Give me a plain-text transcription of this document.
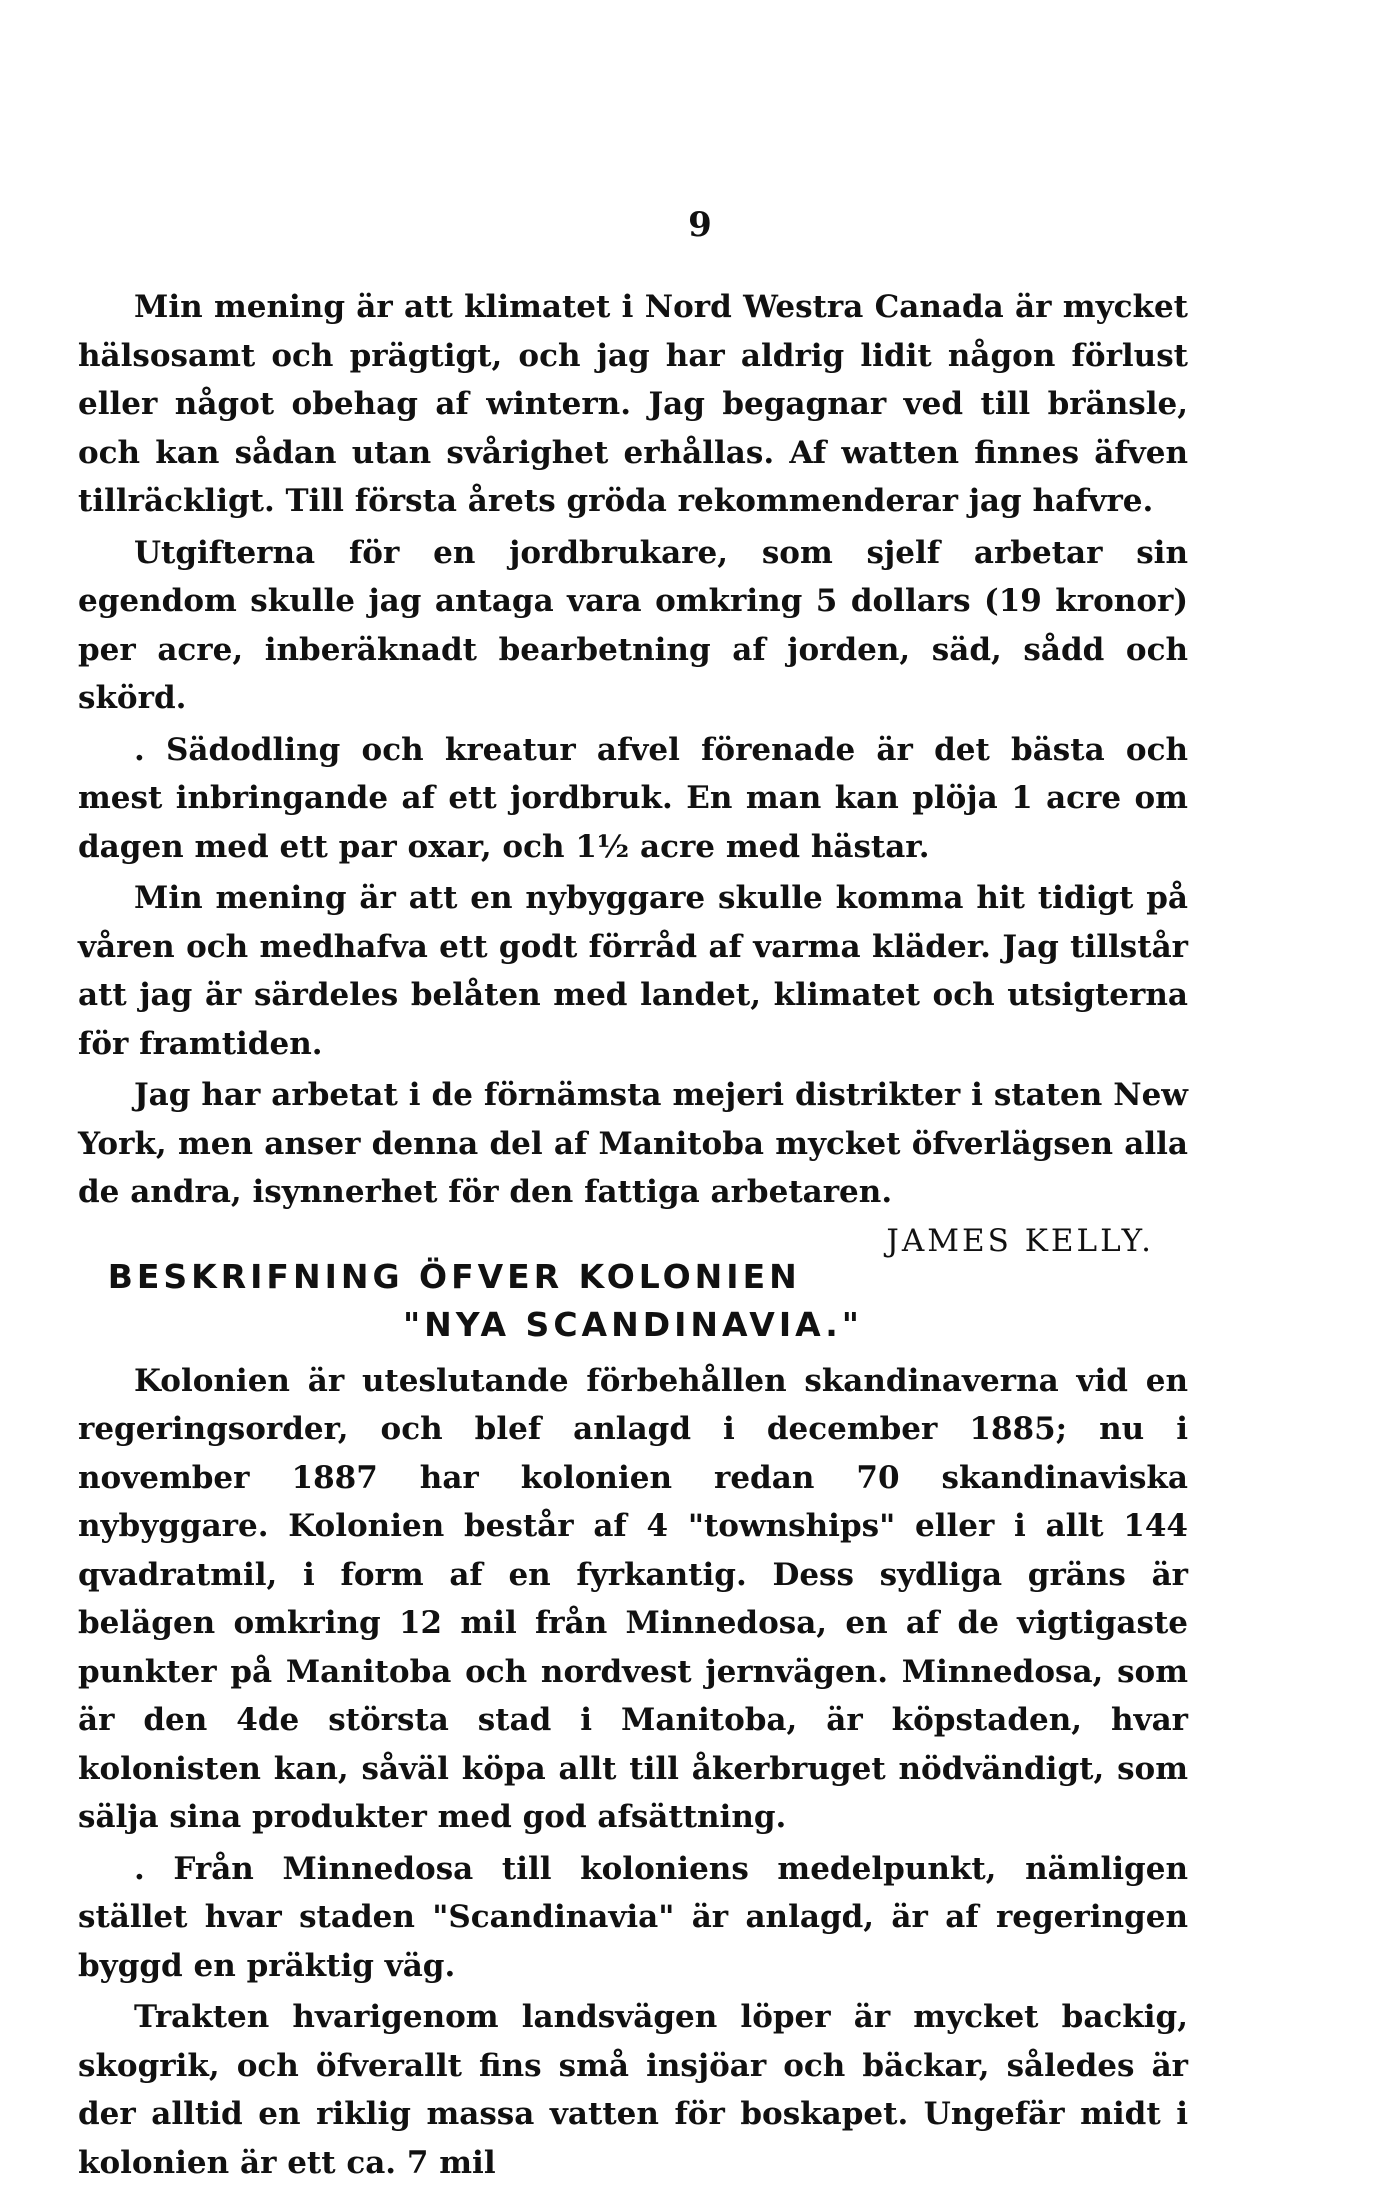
9

Min mening är att klimatet i Nord Westra Canada är mycket hälsosamt och prägtigt, och jag har aldrig lidit någon förlust eller något obehag af wintern. Jag begagnar ved till bränsle, och kan sådan utan svårighet erhållas. Af watten finnes äfven tillräckligt. Till första årets gröda rekommenderar jag hafvre.

Utgifterna för en jordbrukare, som sjelf arbetar sin egendom skulle jag antaga vara omkring 5 dollars (19 kronor) per acre, inberäknadt bearbetning af jorden, säd, sådd och skörd.

. Sädodling och kreatur afvel förenade är det bästa och mest inbringande af ett jordbruk. En man kan plöja 1 acre om dagen med ett par oxar, och 1½ acre med hästar.

Min mening är att en nybyggare skulle komma hit tidigt på våren och medhafva ett godt förråd af varma kläder. Jag tillstår att jag är särdeles belåten med landet, klimatet och utsigterna för framtiden.

Jag har arbetat i de förnämsta mejeri distrikter i staten New York, men anser denna del af Manitoba mycket öfverlägsen alla de andra, isynnerhet för den fattiga arbetaren.
JAMES KELLY.

BESKRIFNING ÖFVER KOLONIEN
"NYA SCANDINAVIA."

Kolonien är uteslutande förbehållen skandinaverna vid en regeringsorder, och blef anlagd i december 1885; nu i november 1887 har kolonien redan 70 skandinaviska nybyggare. Kolonien består af 4 "townships" eller i allt 144 qvadratmil, i form af en fyrkantig. Dess sydliga gräns är belägen omkring 12 mil från Minnedosa, en af de vigtigaste punkter på Manitoba och nordvest jernvägen. Minnedosa, som är den 4de största stad i Manitoba, är köpstaden, hvar kolonisten kan, såväl köpa allt till åkerbruget nödvändigt, som sälja sina produkter med god afsättning.

. Från Minnedosa till koloniens medelpunkt, nämligen stället hvar staden "Scandinavia" är anlagd, är af regeringen byggd en präktig väg.

Trakten hvarigenom landsvägen löper är mycket backig, skogrik, och öfverallt fins små insjöar och bäckar, således är der alltid en riklig massa vatten för boskapet. Ungefär midt i kolonien är ett ca. 7 mil
